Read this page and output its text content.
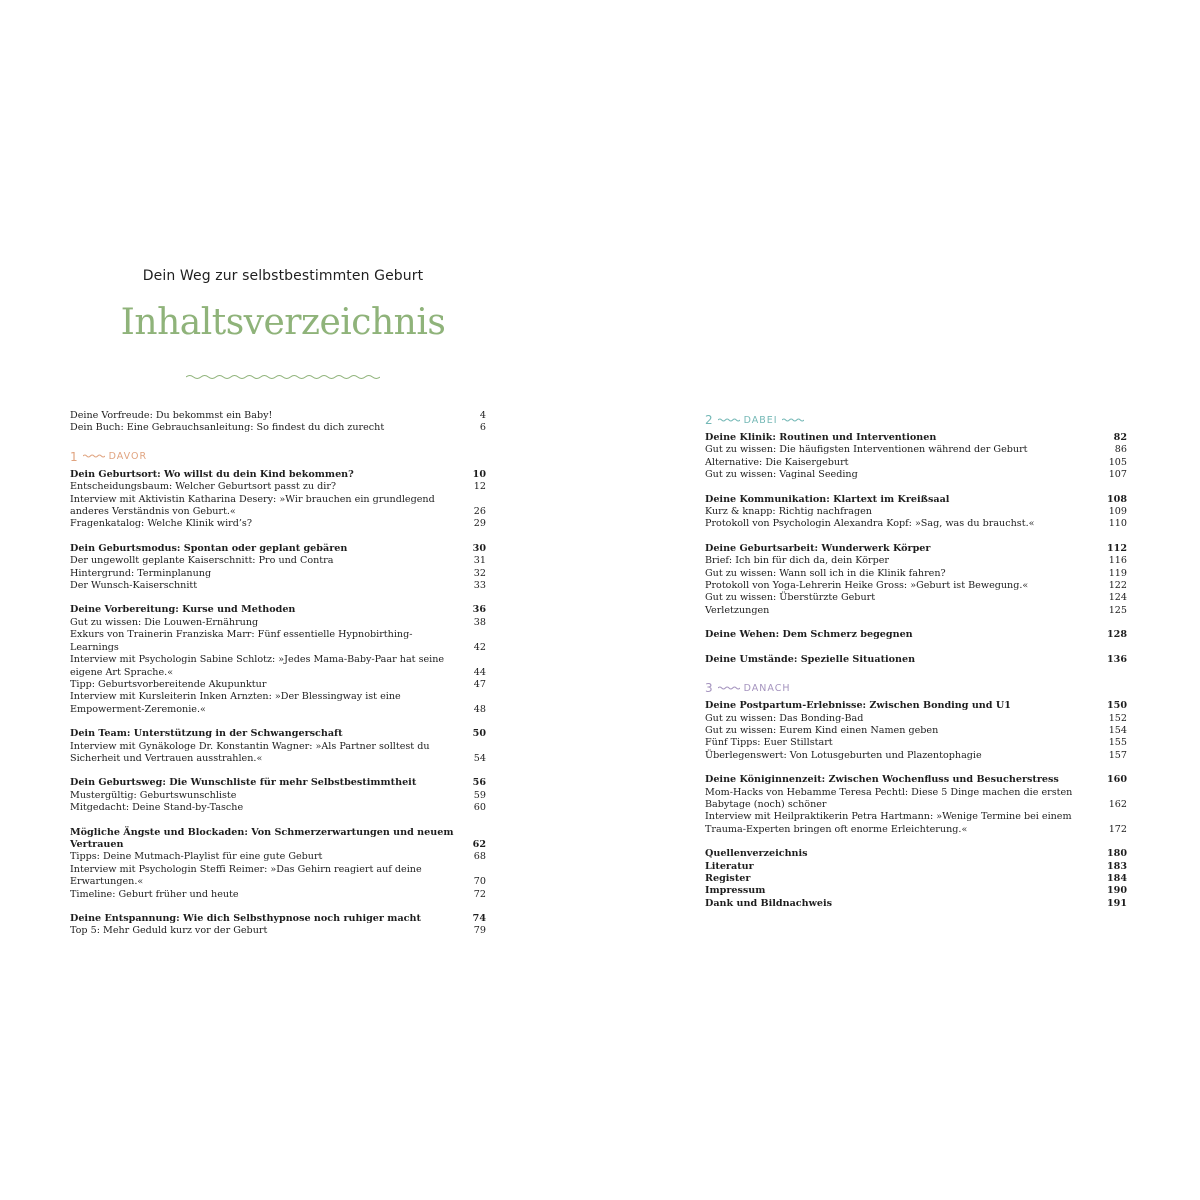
Dein Weg zur selbstbestimmten Geburt
Inhaltsverzeichnis
Deine Vorfreude: Du bekommst ein Baby!	4
Dein Buch: Eine Gebrauchsanleitung: So findest du dich zurecht	6
1	DAVOR
Dein Geburtsort: Wo willst du dein Kind bekommen?	10
Entscheidungsbaum: Welcher Geburtsort passt zu dir?	12
Interview mit Aktivistin Katharina Desery: »Wir brauchen ein grundlegend anderes Verständnis von Geburt.«	26
Fragenkatalog: Welche Klinik wird’s?	29
Dein Geburtsmodus: Spontan oder geplant gebären	30
Der ungewollt geplante Kaiserschnitt: Pro und Contra	31
Hintergrund: Terminplanung	32
Der Wunsch-Kaiserschnitt	33
Deine Vorbereitung: Kurse und Methoden	36
Gut zu wissen: Die Louwen-Ernährung	38
Exkurs von Trainerin Franziska Marr: Fünf essentielle Hypnobirthing-Learnings	42
Interview mit Psychologin Sabine Schlotz: »Jedes Mama-Baby-Paar hat seine eigene Art Sprache.«	44
Tipp: Geburtsvorbereitende Akupunktur	47
Interview mit Kursleiterin Inken Arnzten: »Der Blessingway ist eine Empowerment-Zeremonie.«	48
Dein Team: Unterstützung in der Schwangerschaft	50
Interview mit Gynäkologe Dr. Konstantin Wagner: »Als Partner solltest du Sicherheit und Vertrauen ausstrahlen.«	54
Dein Geburtsweg: Die Wunschliste für mehr Selbstbestimmtheit	56
Mustergültig: Geburtswunschliste	59
Mitgedacht: Deine Stand-by-Tasche	60
Mögliche Ängste und Blockaden: Von Schmerzerwartungen und neuem Vertrauen	62
Tipps: Deine Mutmach-Playlist für eine gute Geburt	68
Interview mit Psychologin Steffi Reimer: »Das Gehirn reagiert auf deine Erwartungen.«	70
Timeline: Geburt früher und heute	72
Deine Entspannung: Wie dich Selbsthypnose noch ruhiger macht	74
Top 5: Mehr Geduld kurz vor der Geburt	79
2	DABEI
Deine Klinik: Routinen und Interventionen	82
Gut zu wissen: Die häufigsten Interventionen während der Geburt	86
Alternative: Die Kaisergeburt	105
Gut zu wissen: Vaginal Seeding	107
Deine Kommunikation: Klartext im Kreißsaal	108
Kurz & knapp: Richtig nachfragen	109
Protokoll von Psychologin Alexandra Kopf: »Sag, was du brauchst.«	110
Deine Geburtsarbeit: Wunderwerk Körper	112
Brief: Ich bin für dich da, dein Körper	116
Gut zu wissen: Wann soll ich in die Klinik fahren?	119
Protokoll von Yoga-Lehrerin Heike Gross: »Geburt ist Bewegung.«	122
Gut zu wissen: Überstürzte Geburt	124
Verletzungen	125
Deine Wehen: Dem Schmerz begegnen	128
Deine Umstände: Spezielle Situationen	136
3	DANACH
Deine Postpartum-Erlebnisse: Zwischen Bonding und U1	150
Gut zu wissen: Das Bonding-Bad	152
Gut zu wissen: Eurem Kind einen Namen geben	154
Fünf Tipps: Euer Stillstart	155
Überlegenswert: Von Lotusgeburten und Plazentophagie	157
Deine Königinnenzeit: Zwischen Wochenfluss und Besucherstress	160
Mom-Hacks von Hebamme Teresa Pechtl: Diese 5 Dinge machen die ersten Babytage (noch) schöner	162
Interview mit Heilpraktikerin Petra Hartmann: »Wenige Termine bei einem Trauma-Experten bringen oft enorme Erleichterung.«	172
Quellenverzeichnis	180
Literatur	183
Register	184
Impressum	190
Dank und Bildnachweis	191
